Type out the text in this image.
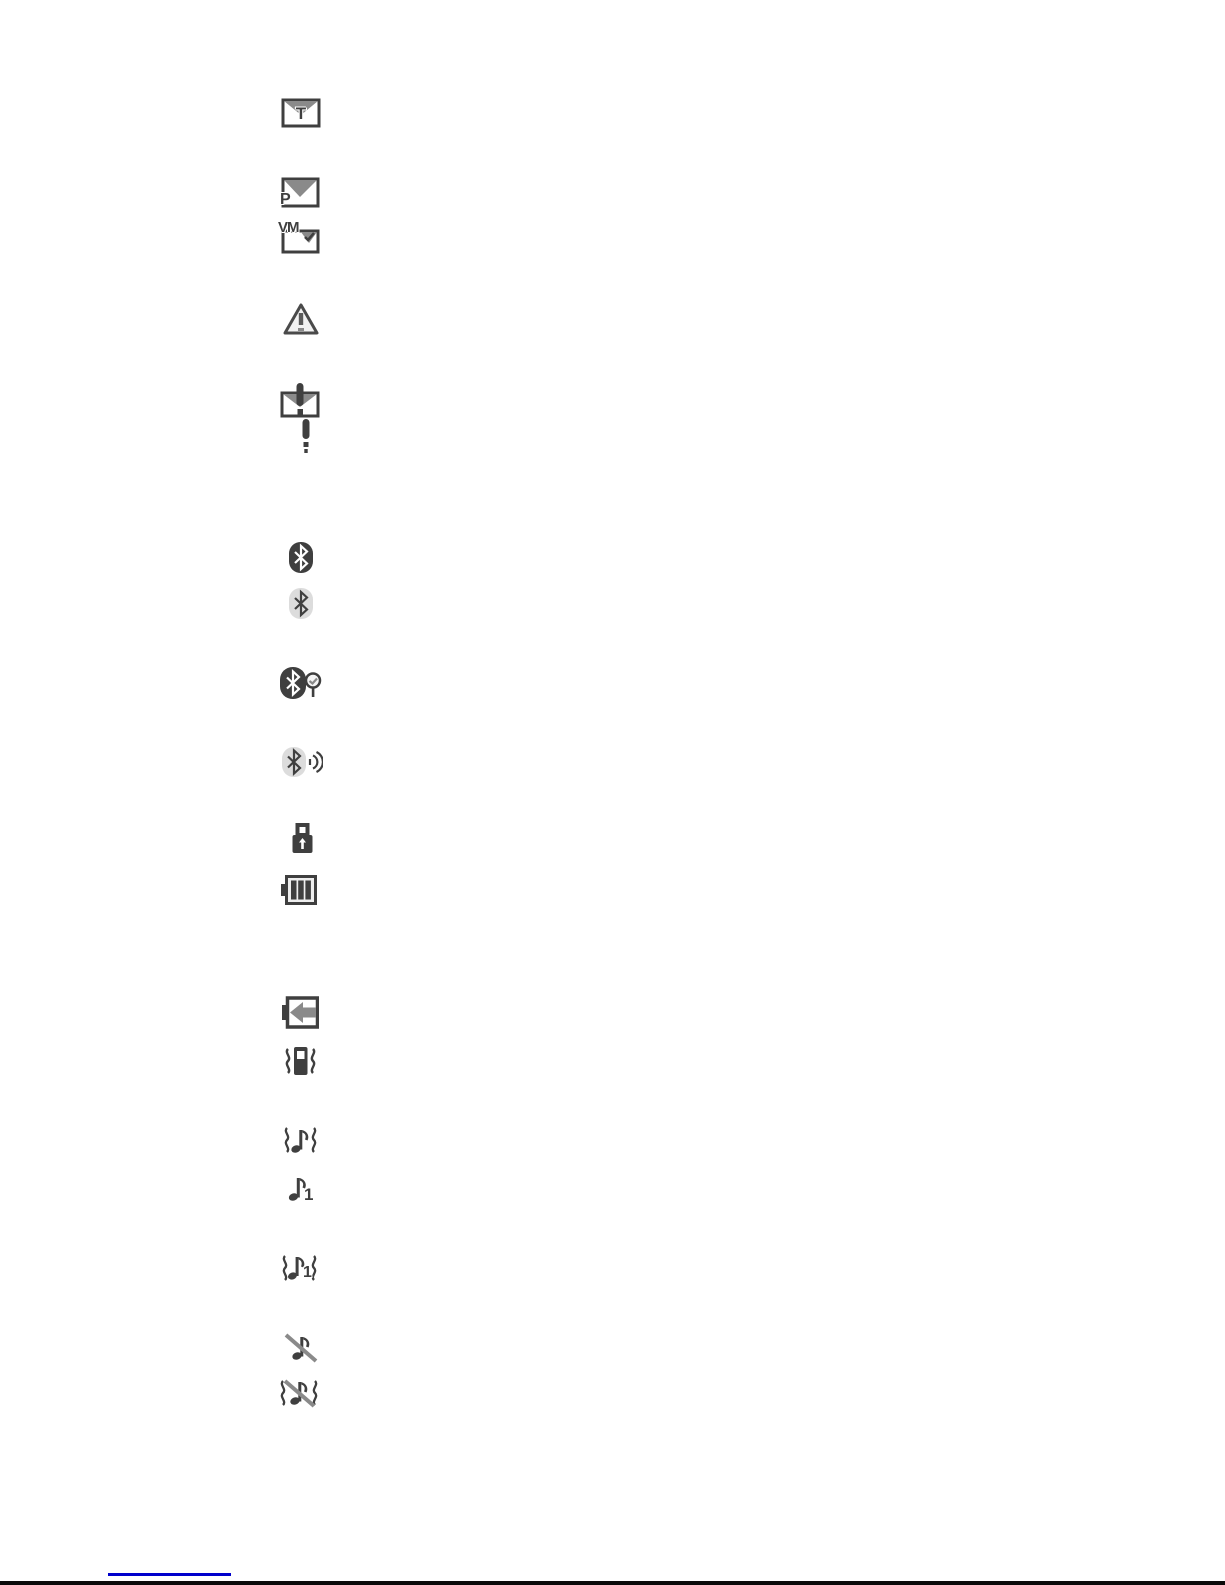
T
P
VM
1
1
